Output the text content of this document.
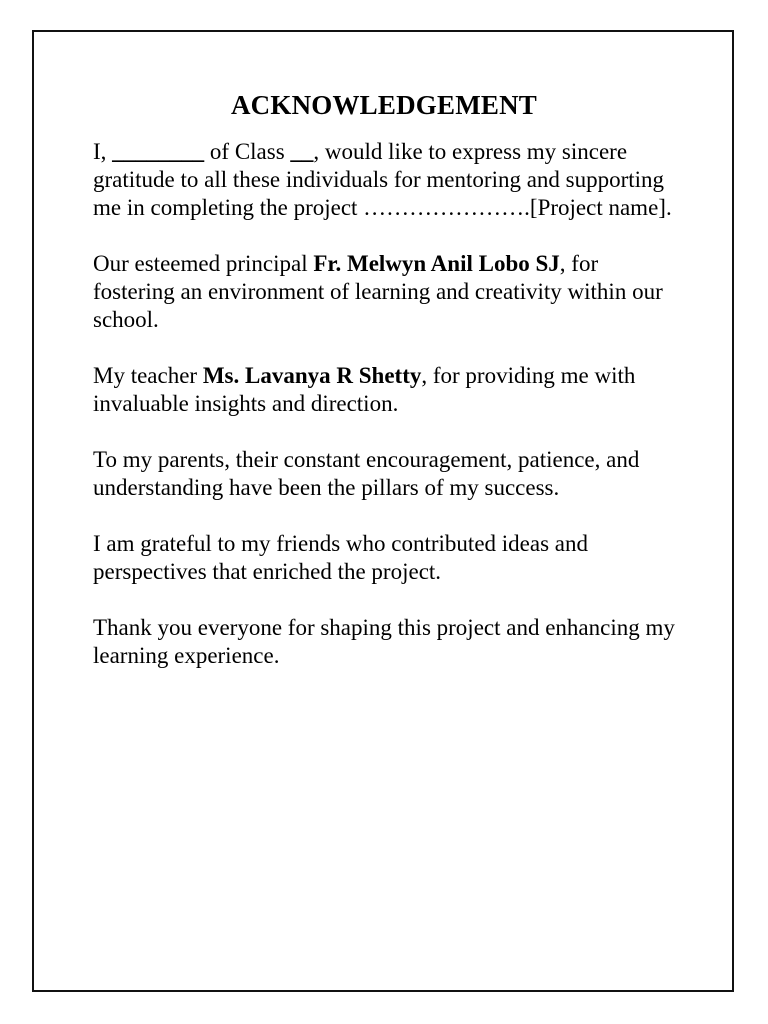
ACKNOWLEDGEMENT

I, ________ of Class __, would like to express my sincere gratitude to all these individuals for mentoring and supporting me in completing the project ………………….[Project name].

Our esteemed principal Fr. Melwyn Anil Lobo SJ, for fostering an environment of learning and creativity within our school.

My teacher Ms. Lavanya R Shetty, for providing me with invaluable insights and direction.

To my parents, their constant encouragement, patience, and understanding have been the pillars of my success.

I am grateful to my friends who contributed ideas and perspectives that enriched the project.

Thank you everyone for shaping this project and enhancing my learning experience.
